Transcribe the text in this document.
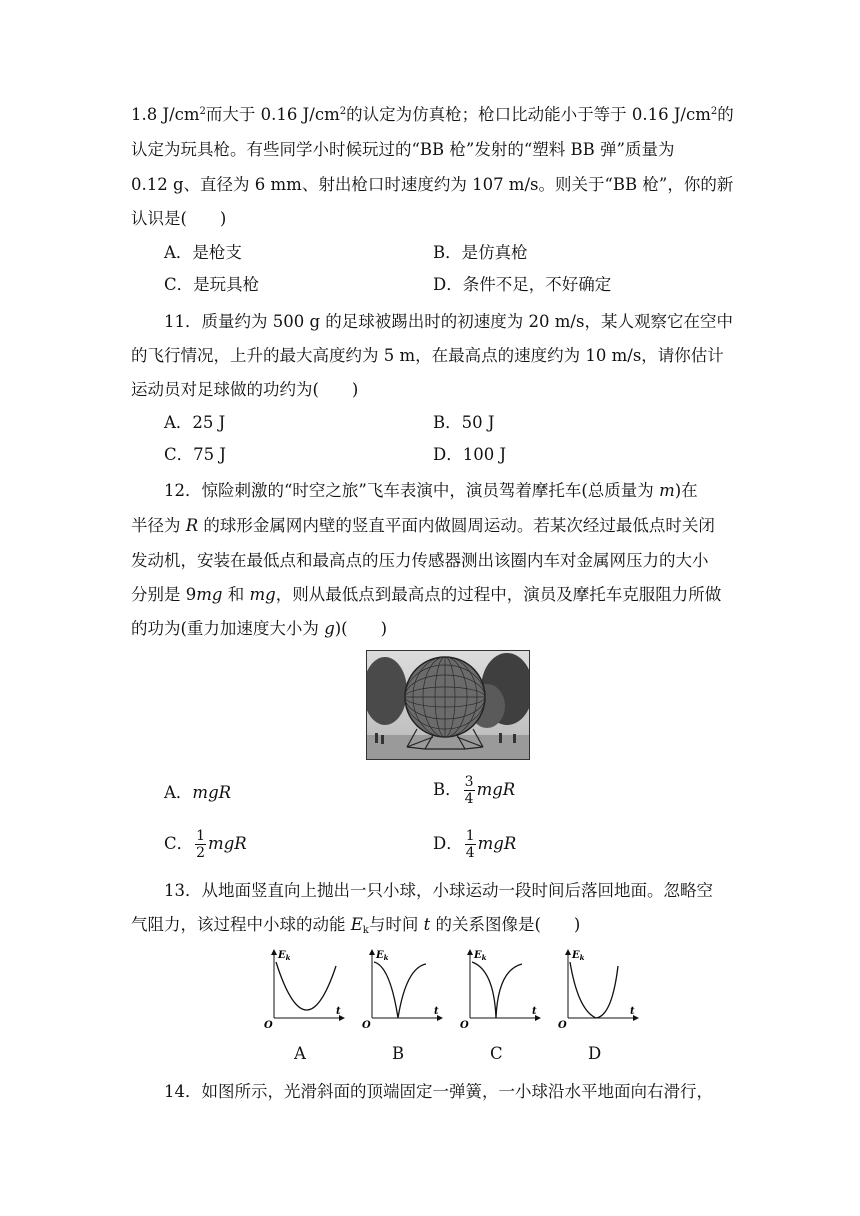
1.8 $J/cm^2$而大于 0.16 $J/cm^2$的认定为仿真枪；枪口比动能小于等于 0.16 $J/cm^2$的
认定为玩具枪。有些同学小时候玩过的“BB 枪”发射的“塑料 BB 弹”质量为
0.12 g、直径为 6 mm、射出枪口时速度约为 107 m/s。则关于“BB 枪”，你的新
认识是(　　)
A．是枪支	B．是仿真枪
C．是玩具枪	D．条件不足，不好确定
11．质量约为 500 g 的足球被踢出时的初速度为 20 m/s，某人观察它在空中
的飞行情况，上升的最大高度约为 5 m，在最高点的速度约为 10 m/s，请你估计
运动员对足球做的功约为(　　)
A．25 J	B．50 J
C．75 J	D．100 J
12．惊险刺激的“时空之旅”飞车表演中，演员驾着摩托车(总质量为 m)在
半径为 R 的球形金属网内壁的竖直平面内做圆周运动。若某次经过最低点时关闭
发动机，安装在最低点和最高点的压力传感器测出该圈内车对金属网压力的大小
分别是 9mg 和 mg，则从最低点到最高点的过程中，演员及摩托车克服阻力所做
的功为(重力加速度大小为 g)(　　)
A．mgR	B． $\frac{3}{4}$ mgR
C． $\frac{1}{2}$ mgR	D． $\frac{1}{4}$ mgR
13．从地面竖直向上抛出一只小球，小球运动一段时间后落回地面。忽略空
气阻力，该过程中小球的动能 $E_k$与时间 t 的关系图像是(　　)
$E_k$
t
O
$E_k$
t
O
$E_k$
t
O
$E_k$
t
O
A	B	C	D
14．如图所示，光滑斜面的顶端固定一弹簧，一小球沿水平地面向右滑行，
